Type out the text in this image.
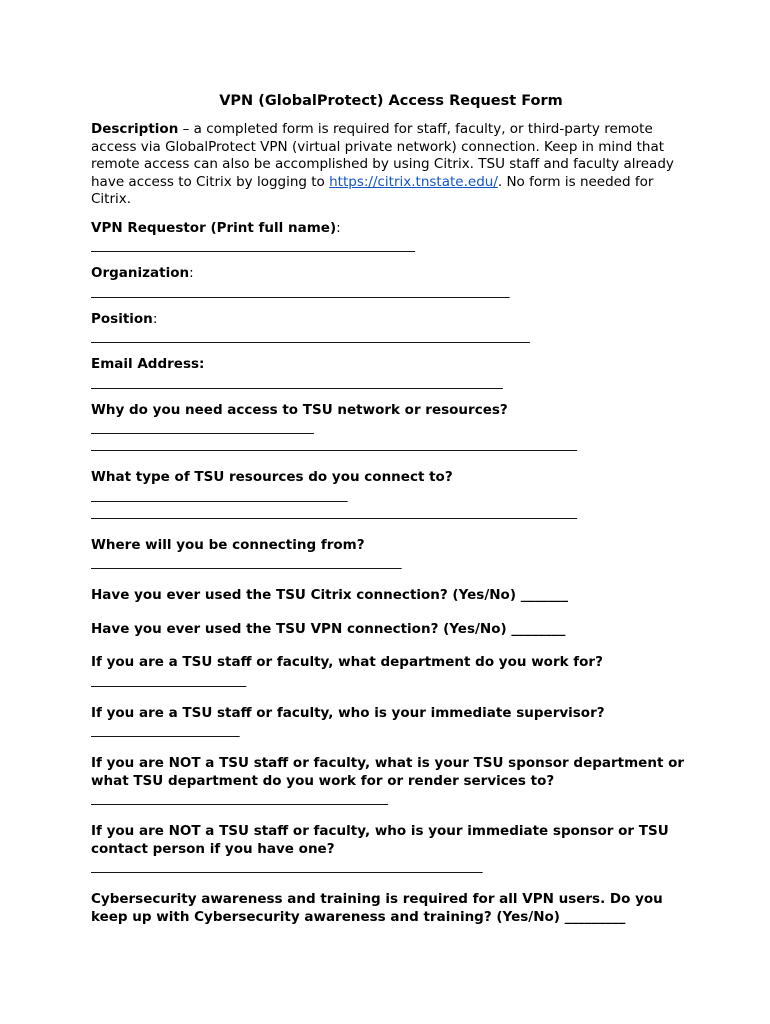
VPN (GlobalProtect) Access Request Form

Description – a completed form is required for staff, faculty, or third-party remote access via GlobalProtect VPN (virtual private network) connection. Keep in mind that remote access can also be accomplished by using Citrix. TSU staff and faculty already have access to Citrix by logging to https://citrix.tnstate.edu/. No form is needed for Citrix.

VPN Requestor (Print full name):

________________________________________________

Organization:

______________________________________________________________

Position:

_________________________________________________________________

Email Address:

_____________________________________________________________

Why do you need access to TSU network or resources?

_________________________________

________________________________________________________________________

What type of TSU resources do you connect to?

______________________________________

________________________________________________________________________

Where will you be connecting from?

______________________________________________

Have you ever used the TSU Citrix connection? (Yes/No) _______

Have you ever used the TSU VPN connection? (Yes/No) ________

If you are a TSU staff or faculty, what department do you work for?

_______________________

If you are a TSU staff or faculty, who is your immediate supervisor?

______________________

If you are NOT a TSU staff or faculty, what is your TSU sponsor department or what TSU department do you work for or render services to?

____________________________________________

If you are NOT a TSU staff or faculty, who is your immediate sponsor or TSU contact person if you have one?

__________________________________________________________

Cybersecurity awareness and training is required for all VPN users. Do you keep up with Cybersecurity awareness and training? (Yes/No) _________
